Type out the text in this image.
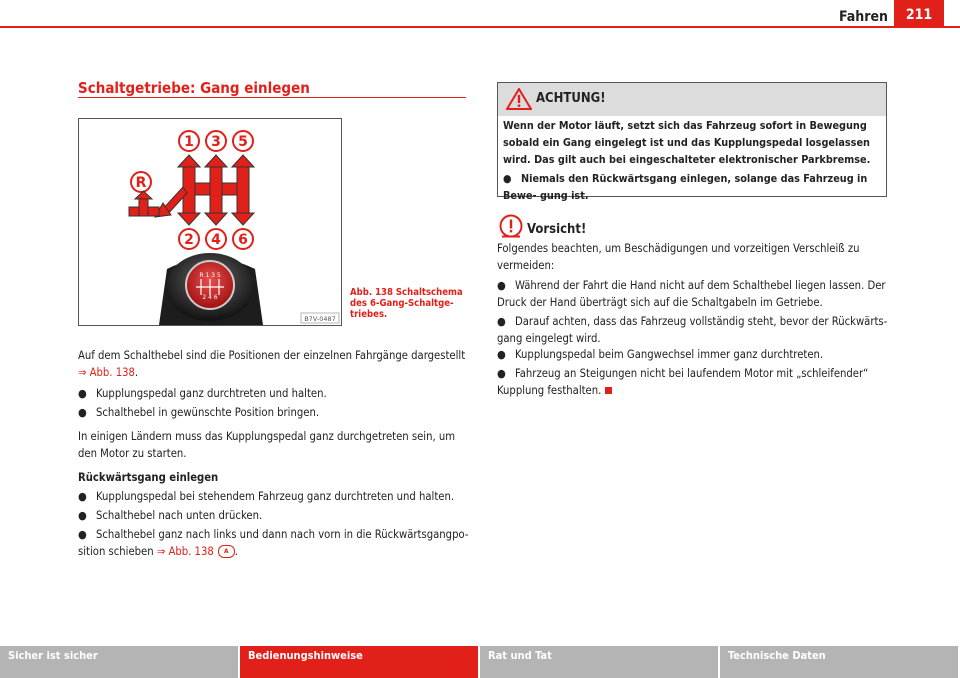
Fahren	211
Schaltgetriebe: Gang einlegen
1 3 5
R
2 4 6
R 1 3 5
2 4 6
B7V-0487
Abb. 138 Schaltschema des 6-Gang-Schaltge- triebes.
Auf dem Schalthebel sind die Positionen der einzelnen Fahrgänge dargestellt
⇒ Abb. 138.
● Kupplungspedal ganz durchtreten und halten.
● Schalthebel in gewünschte Position bringen.
In einigen Ländern muss das Kupplungspedal ganz durchgetreten sein, um den Motor zu starten.
Rückwärtsgang einlegen
● Kupplungspedal bei stehendem Fahrzeug ganz durchtreten und halten.
● Schalthebel nach unten drücken.
● Schalthebel ganz nach links und dann nach vorn in die Rückwärtsgangpo- sition schieben ⇒ Abb. 138 A .
ACHTUNG!
Wenn der Motor läuft, setzt sich das Fahrzeug sofort in Bewegung sobald ein Gang eingelegt ist und das Kupplungspedal losgelassen wird. Das gilt auch bei eingeschalteter elektronischer Parkbremse.
● Niemals den Rückwärtsgang einlegen, solange das Fahrzeug in Bewe- gung ist.
Vorsicht!
Folgendes beachten, um Beschädigungen und vorzeitigen Verschleiß zu vermeiden:
● Während der Fahrt die Hand nicht auf dem Schalthebel liegen lassen. Der Druck der Hand überträgt sich auf die Schaltgabeln im Getriebe.
● Darauf achten, dass das Fahrzeug vollständig steht, bevor der Rückwärts- gang eingelegt wird.
● Kupplungspedal beim Gangwechsel immer ganz durchtreten.
● Fahrzeug an Steigungen nicht bei laufendem Motor mit „schleifender“ Kupplung festhalten.
Sicher ist sicher	Bedienungshinweise	Rat und Tat	Technische Daten
